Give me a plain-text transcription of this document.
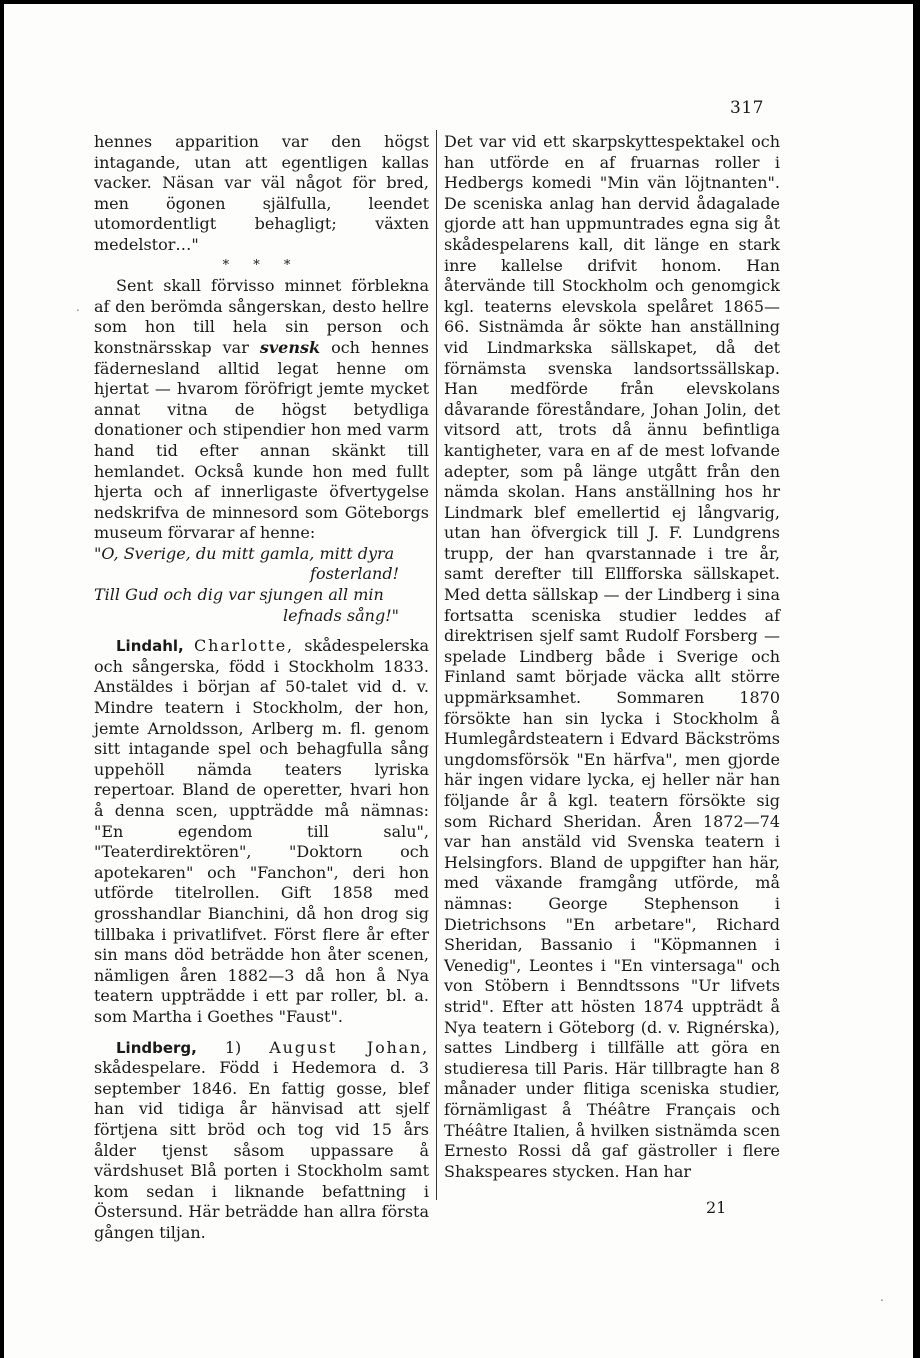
317

hennes apparition var den högst intagande, utan att egentligen kallas vacker. Näsan var väl något för bred, men ögonen själfulla, leendet utomordentligt behagligt; växten medelstor…"

* * *

Sent skall förvisso minnet förblekna af den berömda sångerskan, desto hellre som hon till hela sin person och konstnärsskap var svensk och hennes fädernesland alltid legat henne om hjertat — hvarom föröfrigt jemte mycket annat vitna de högst betydliga donationer och stipendier hon med varm hand tid efter annan skänkt till hemlandet. Också kunde hon med fullt hjerta och af innerligaste öfvertygelse nedskrifva de minnesord som Göteborgs museum förvarar af henne:

"O, Sverige, du mitt gamla, mitt dyra
fosterland!

Till Gud och dig var sjungen all min
lefnads sång!"

Lindahl, Charlotte, skådespelerska och sångerska, född i Stockholm 1833. Anstäldes i början af 50-talet vid d. v. Mindre teatern i Stockholm, der hon, jemte Arnoldsson, Arlberg m. fl. genom sitt intagande spel och behagfulla sång uppehöll nämda teaters lyriska repertoar. Bland de operetter, hvari hon å denna scen, uppträdde må nämnas: "En egendom till salu", "Teaterdirektören", "Doktorn och apotekaren" och "Fanchon", deri hon utförde titelrollen. Gift 1858 med grosshandlar Bianchini, då hon drog sig tillbaka i privatlifvet. Först flere år efter sin mans död beträdde hon åter scenen, nämligen åren 1882—3 då hon å Nya teatern uppträdde i ett par roller, bl. a. som Martha i Goethes "Faust".

Lindberg, 1) August Johan, skådespelare. Född i Hedemora d. 3 september 1846. En fattig gosse, blef han vid tidiga år hänvisad att sjelf förtjena sitt bröd och tog vid 15 års ålder tjenst såsom uppassare å värdshuset Blå porten i Stockholm samt kom sedan i liknande befattning i Östersund. Här beträdde han allra första gången tiljan.

Det var vid ett skarpskyttespektakel och han utförde en af fruarnas roller i Hedbergs komedi "Min vän löjtnanten". De sceniska anlag han dervid ådagalade gjorde att han uppmuntrades egna sig åt skådespelarens kall, dit länge en stark inre kallelse drifvit honom. Han återvände till Stockholm och genomgick kgl. teaterns elevskola spelåret 1865—66. Sistnämda år sökte han anställning vid Lindmarkska sällskapet, då det förnämsta svenska landsortssällskap. Han medförde från elevskolans dåvarande föreståndare, Johan Jolin, det vitsord att, trots då ännu befintliga kantigheter, vara en af de mest lofvande adepter, som på länge utgått från den nämda skolan. Hans anställning hos hr Lindmark blef emellertid ej långvarig, utan han öfvergick till J. F. Lundgrens trupp, der han qvarstannade i tre år, samt derefter till Ellfforska sällskapet. Med detta sällskap — der Lindberg i sina fortsatta sceniska studier leddes af direktrisen sjelf samt Rudolf Forsberg — spelade Lindberg både i Sverige och Finland samt började väcka allt större uppmärksamhet. Sommaren 1870 försökte han sin lycka i Stockholm å Humlegårdsteatern i Edvard Bäckströms ungdomsförsök "En härfva", men gjorde här ingen vidare lycka, ej heller när han följande år å kgl. teatern försökte sig som Richard Sheridan. Åren 1872—74 var han anstäld vid Svenska teatern i Helsingfors. Bland de uppgifter han här, med växande framgång utförde, må nämnas: George Stephenson i Dietrichsons "En arbetare", Richard Sheridan, Bassanio i "Köpmannen i Venedig", Leontes i "En vintersaga" och von Stöbern i Benndtssons "Ur lifvets strid". Efter att hösten 1874 uppträdt å Nya teatern i Göteborg (d. v. Rignérska), sattes Lindberg i tillfälle att göra en studieresa till Paris. Här tillbragte han 8 månader under flitiga sceniska studier, förnämligast å Théâtre Français och Théâtre Italien, å hvilken sistnämda scen Ernesto Rossi då gaf gästroller i flere Shakspeares stycken. Han har

21
.
.
